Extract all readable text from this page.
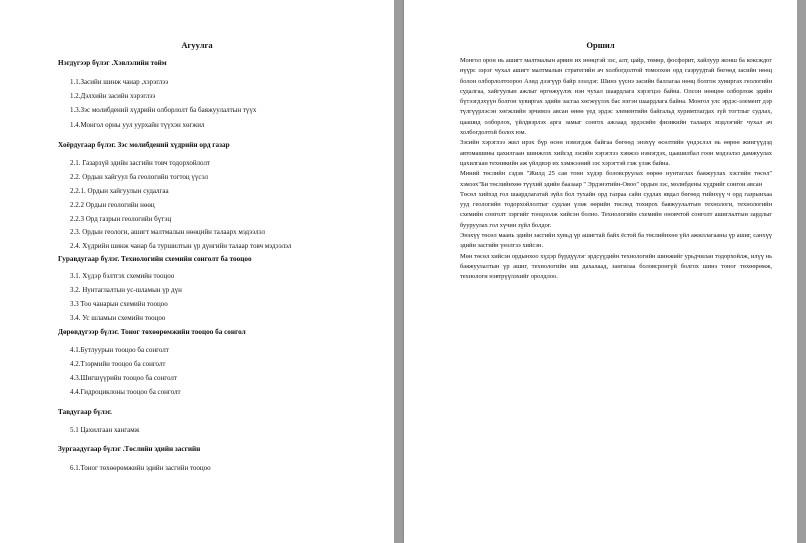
Агуулга
Нэгдүгээр бүлэг .Хэвлэлийн тойм
1.1.Засийн шинж чанар ,хэрэглээ
1.2.Дэлхийн засийн хэрэглээ
1.3.Зэс молибдений хүдрийн олборлолт ба баяжуулалтын түүх
1.4.Монгол орны уул уурхайн түүхэн хөгжил
Хоёрдугаар бүлэг. Зэс молибдений хүдрийн орд газар
2.1. Газарзүй эдийн засгийн товч тодорхойлолт
2.2. Ордын хайгуул ба геологийн тогтоц үүсэл
2.2.1. Ордын хайгуулын судалгаа
2.2.2 Ордын геологийн нөөц
2.2.3 Орд газрын геологийн бүтэц
2.3. Ордын геологи, ашигт малтмалын нөөцийн талаарх мэдээлэл
2.4. Хүдрийн шинж чанар ба туршилтын үр дүнгийн талаар товч мэдээлэл
Гуравдугаар бүлэг. Технологийн схемийн сонголт ба тооцоо
3.1. Хүдэр бэлтгэх схемийн тооцоо
3.2. Нунтаглалтын ус-шламын үр дүн
3.3 Тоо чанарын схемийн тооцоо
3.4. Ус шламын схемийн тооцоо
Дөрөвдүгээр бүлэг. Тоног төхөөрөмжийн тооцоо ба сонгол
4.1.Бутлуурын тооцоо ба сонголт
4.2.Тээрмийн тооцоо ба сонголт
4.3.Шигшүүрийн тооцоо ба сонголт
4.4.Гидроциклоны тооцоо ба сонголт
Тавдугаар бүлэг.
5.1 Цахилгаан хангамж
Зургаадугаар бүлэг .Төслийн эдийн засгийн
6.1.Тоног төхөөрөмжийн эдийн засгийн тооцоо
Оршил

Монгол орон нь ашигт малтмалын арвин их нөөцтэй зэс, алт, цайр, төмөр, фосфорит, хайлуур жонш ба коксждог нүүрс зэрэг чухал ашигт малтмалын стратегийн ач холбогдолтой томоохон орд газруудтай бөгөөд засийн нөөц болон олборлолтоороо Азид дээгүүр байр эзэлдэг. Шинэ үүснэ засийн баллагаа нөөц болгон хувиргах геологийн судалгаа, хайгуулын ажлыг өргөжүүлэх нэн чухал шаардлага хэрэгцээ байна. Олсон нөөцөө олборлож эдийн бүтээгдэхүүн болгон хувиргах эдийн засгаа хөгжүүлэх бас нэгэн шаардлага байна. Монгол улс эрдэс-элемент дэр түлгүүрлэсэн хөгжлийн эрчимээ авсан өнөө үед эрдэс элементийн байгальд хуримтлагдах зүй тогтлыг судлах, цаашид олборлох, үйлдвэрлэх арга замыг сонгох ажлаад эрдэсийн физикийн талаарх мэдлэгийг чухал ач холбогдолтой болох юм.

Зэсийн хэрэглээ жил ирэх бүр өсөн нэмэгдэж байгаа бөгөөд энэхүү өсөлтийн үндэслэл нь өөрөө жингүүдэд автомашины цахилгаан шинжлэх хийсэд зэсийн хэрэглээ хэвжээ нэмэгдэх, цаашилбал гоон мэдээлэл дамжуулах цахилгаан техникийн аж үйлдвэр их хэмжээний зэс хэрэгтэй гэж үзэж байна.

Миний төслийн сэдэв "Жилд 25 сая тонн хүдэр боловсруулах өөрөө нунтаглах баяжуулах хэсгийн төсөл" хэмээх"Би төслийнхөө түүхий эдийн баазаар " Эрдэнэтийн-Овоо" ордын зэс, молибдены хүдрийг сонгон авсан

Төсөл хийхэд гол шаардлагатай зүйл бол тухайн орд газраа сайн судлах явдал бөгөөд тийнхүү ч орд газрынхаа ууд геологийн тодорхойлолтыг судлан үзэж өөрийн төслөд тохирох баяжуулалтын технологи, технологийн схемийн сонголт зэргийг тооцоолж хийсэн болно. Технологийн схемийн оновчтой сонголт ашиглалтын зардлыг бууруулах гол хүчин зүйл болдог.

Энэхүү төсөл маань эдийн засгийн хувьд үр ашигтай байх ёстой ба төслийнхөө үйл ажиллагааны үр ашиг, санхүү эдийн засгийн үнэлгээ хийсэн.

Мөн төсөл хийсэн ордынхоо хүдэр бүрдүүлэг эрдсүүдийн технологийн шинжийг урьдчилан тодорхойлж, илүү нь баяжуулалтын үр ашиг, технологийн иш дахалаад, зангилаа боловсронгүй болгох шинэ тоног төхөөрөмж, технологи нэвтрүүлэхийг оролдлоо.
